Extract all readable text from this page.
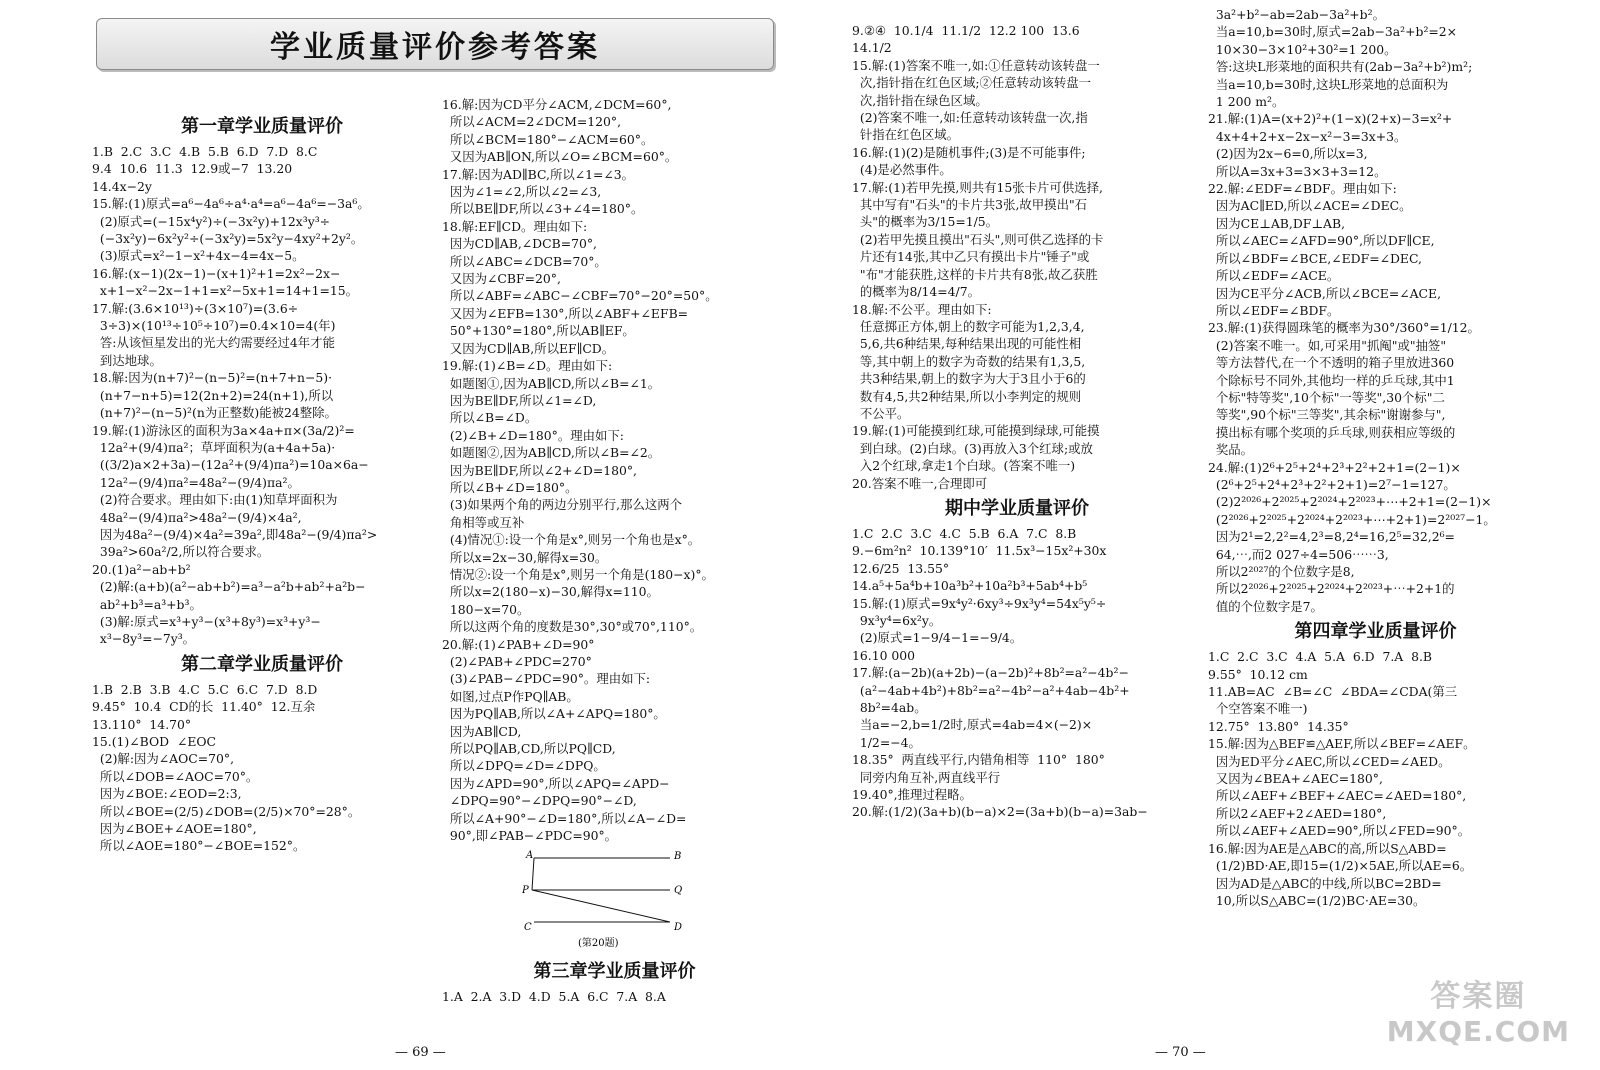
学业质量评价参考答案
第一章学业质量评价

1.B  2.C  3.C  4.B  5.B  6.D  7.D  8.C

9.4  10.6  11.3  12.9或−7  13.20

14.4x−2y

15.解:(1)原式=a⁶−4a⁶÷a⁴·a⁴=a⁶−4a⁶=−3a⁶。

(2)原式=(−15x⁴y²)÷(−3x²y)+12x³y³÷

(−3x²y)−6x²y²÷(−3x²y)=5x²y−4xy²+2y²。

(3)原式=x²−1−x²+4x−4=4x−5。

16.解:(x−1)(2x−1)−(x+1)²+1=2x²−2x−

x+1−x²−2x−1+1=x²−5x+1=14+1=15。

17.解:(3.6×10¹³)÷(3×10⁷)=(3.6÷

3÷3)×(10¹³÷10⁵÷10⁷)=0.4×10=4(年)

答:从该恒星发出的光大约需要经过4年才能

到达地球。

18.解:因为(n+7)²−(n−5)²=(n+7+n−5)·

(n+7−n+5)=12(2n+2)=24(n+1),所以

(n+7)²−(n−5)²(n为正整数)能被24整除。

19.解:(1)游泳区的面积为3a×4a+π×(3a/2)²=

12a²+(9/4)πa²；草坪面积为(a+4a+5a)·

((3/2)a×2+3a)−(12a²+(9/4)πa²)=10a×6a−

12a²−(9/4)πa²=48a²−(9/4)πa²。

(2)符合要求。理由如下:由(1)知草坪面积为

48a²−(9/4)πa²>48a²−(9/4)×4a²,

因为48a²−(9/4)×4a²=39a²,即48a²−(9/4)πa²>

39a²>60a²/2,所以符合要求。

20.(1)a²−ab+b²

(2)解:(a+b)(a²−ab+b²)=a³−a²b+ab²+a²b−

ab²+b³=a³+b³。

(3)解:原式=x³+y³−(x³+8y³)=x³+y³−

x³−8y³=−7y³。

第二章学业质量评价

1.B  2.B  3.B  4.C  5.C  6.C  7.D  8.D

9.45°  10.4  CD的长  11.40°  12.互余

13.110°  14.70°

15.(1)∠BOD  ∠EOC

(2)解:因为∠AOC=70°,

所以∠DOB=∠AOC=70°。

因为∠BOE:∠EOD=2:3,

所以∠BOE=(2/5)∠DOB=(2/5)×70°=28°。

因为∠BOE+∠AOE=180°,

所以∠AOE=180°−∠BOE=152°。

16.解:因为CD平分∠ACM,∠DCM=60°,

所以∠ACM=2∠DCM=120°,

所以∠BCM=180°−∠ACM=60°。

又因为AB∥ON,所以∠O=∠BCM=60°。

17.解:因为AD∥BC,所以∠1=∠3。

因为∠1=∠2,所以∠2=∠3,

所以BE∥DF,所以∠3+∠4=180°。

18.解:EF∥CD。理由如下:

因为CD∥AB,∠DCB=70°,

所以∠ABC=∠DCB=70°。

又因为∠CBF=20°,

所以∠ABF=∠ABC−∠CBF=70°−20°=50°。

又因为∠EFB=130°,所以∠ABF+∠EFB=

50°+130°=180°,所以AB∥EF。

又因为CD∥AB,所以EF∥CD。

19.解:(1)∠B=∠D。理由如下:

如题图①,因为AB∥CD,所以∠B=∠1。

因为BE∥DF,所以∠1=∠D,

所以∠B=∠D。

(2)∠B+∠D=180°。理由如下:

如题图②,因为AB∥CD,所以∠B=∠2。

因为BE∥DF,所以∠2+∠D=180°,

所以∠B+∠D=180°。

(3)如果两个角的两边分别平行,那么这两个

角相等或互补

(4)情况①:设一个角是x°,则另一个角也是x°。

所以x=2x−30,解得x=30。

情况②:设一个角是x°,则另一个角是(180−x)°。

所以x=2(180−x)−30,解得x=110。

180−x=70。

所以这两个角的度数是30°,30°或70°,110°。

20.解:(1)∠PAB+∠D=90°

(2)∠PAB+∠PDC=270°

(3)∠PAB−∠PDC=90°。理由如下:

如图,过点P作PQ∥AB。

因为PQ∥AB,所以∠A+∠APQ=180°。

因为AB∥CD,

所以PQ∥AB,CD,所以PQ∥CD,

所以∠DPQ=∠D=∠DPQ。

因为∠APD=90°,所以∠APQ=∠APD−

∠DPQ=90°−∠DPQ=90°−∠D,

所以∠A+90°−∠D=180°,所以∠A−∠D=

90°,即∠PAB−∠PDC=90°。

A	B
P	Q
C	D
(第20题)
第三章学业质量评价

1.A  2.A  3.D  4.D  5.A  6.C  7.A  8.A

9.②④  10.1/4  11.1/2  12.2 100  13.6

14.1/2

15.解:(1)答案不唯一,如:①任意转动该转盘一

次,指针指在红色区域;②任意转动该转盘一

次,指针指在绿色区域。

(2)答案不唯一,如:任意转动该转盘一次,指

针指在红色区域。

16.解:(1)(2)是随机事件;(3)是不可能事件;

(4)是必然事件。

17.解:(1)若甲先摸,则共有15张卡片可供选择,

其中写有"石头"的卡片共3张,故甲摸出"石

头"的概率为3/15=1/5。

(2)若甲先摸且摸出"石头",则可供乙选择的卡

片还有14张,其中乙只有摸出卡片"锤子"或

"布"才能获胜,这样的卡片共有8张,故乙获胜

的概率为8/14=4/7。

18.解:不公平。理由如下:

任意掷正方体,朝上的数字可能为1,2,3,4,

5,6,共6种结果,每种结果出现的可能性相

等,其中朝上的数字为奇数的结果有1,3,5,

共3种结果,朝上的数字为大于3且小于6的

数有4,5,共2种结果,所以小李判定的规则

不公平。

19.解:(1)可能摸到红球,可能摸到绿球,可能摸

到白球。(2)白球。(3)再放入3个红球;或放

入2个红球,拿走1个白球。(答案不唯一)

20.答案不唯一,合理即可

期中学业质量评价

1.C  2.C  3.C  4.C  5.B  6.A  7.C  8.B

9.−6m²n²  10.139°10′  11.5x³−15x²+30x

12.6/25  13.55°

14.a⁵+5a⁴b+10a³b²+10a²b³+5ab⁴+b⁵

15.解:(1)原式=9x⁴y²·6xy³÷9x³y⁴=54x⁵y⁵÷

9x³y⁴=6x²y。

(2)原式=1−9/4−1=−9/4。

16.10 000

17.解:(a−2b)(a+2b)−(a−2b)²+8b²=a²−4b²−

(a²−4ab+4b²)+8b²=a²−4b²−a²+4ab−4b²+

8b²=4ab。

当a=−2,b=1/2时,原式=4ab=4×(−2)×

1/2=−4。

18.35°  两直线平行,内错角相等  110°  180°

同旁内角互补,两直线平行

19.40°,推理过程略。

20.解:(1/2)(3a+b)(b−a)×2=(3a+b)(b−a)=3ab−

3a²+b²−ab=2ab−3a²+b²。

当a=10,b=30时,原式=2ab−3a²+b²=2×

10×30−3×10²+30²=1 200。

答:这块L形菜地的面积共有(2ab−3a²+b²)m²;

当a=10,b=30时,这块L形菜地的总面积为

1 200 m²。

21.解:(1)A=(x+2)²+(1−x)(2+x)−3=x²+

4x+4+2+x−2x−x²−3=3x+3。

(2)因为2x−6=0,所以x=3,

所以A=3x+3=3×3+3=12。

22.解:∠EDF=∠BDF。理由如下:

因为AC∥ED,所以∠ACE=∠DEC。

因为CE⊥AB,DF⊥AB,

所以∠AEC=∠AFD=90°,所以DF∥CE,

所以∠BDF=∠BCE,∠EDF=∠DEC,

所以∠EDF=∠ACE。

因为CE平分∠ACB,所以∠BCE=∠ACE,

所以∠EDF=∠BDF。

23.解:(1)获得圆珠笔的概率为30°/360°=1/12。

(2)答案不唯一。如,可采用"抓阄"或"抽签"

等方法替代,在一个不透明的箱子里放进360

个除标号不同外,其他均一样的乒乓球,其中1

个标"特等奖",10个标"一等奖",30个标"二

等奖",90个标"三等奖",其余标"谢谢参与",

摸出标有哪个奖项的乒乓球,则获相应等级的

奖品。

24.解:(1)2⁶+2⁵+2⁴+2³+2²+2+1=(2−1)×

(2⁶+2⁵+2⁴+2³+2²+2+1)=2⁷−1=127。

(2)2²⁰²⁶+2²⁰²⁵+2²⁰²⁴+2²⁰²³+⋯+2+1=(2−1)×

(2²⁰²⁶+2²⁰²⁵+2²⁰²⁴+2²⁰²³+⋯+2+1)=2²⁰²⁷−1。

因为2¹=2,2²=4,2³=8,2⁴=16,2⁵=32,2⁶=

64,⋯,而2 027÷4=506⋯⋯3,

所以2²⁰²⁷的个位数字是8,

所以2²⁰²⁶+2²⁰²⁵+2²⁰²⁴+2²⁰²³+⋯+2+1的

值的个位数字是7。

第四章学业质量评价

1.C  2.C  3.C  4.A  5.A  6.D  7.A  8.B

9.55°  10.12 cm

11.AB=AC  ∠B=∠C  ∠BDA=∠CDA(第三

个空答案不唯一)

12.75°  13.80°  14.35°

15.解:因为△BEF≌△AEF,所以∠BEF=∠AEF。

因为ED平分∠AEC,所以∠CED=∠AED。

又因为∠BEA+∠AEC=180°,

所以∠AEF+∠BEF+∠AEC=∠AED=180°,

所以2∠AEF+2∠AED=180°,

所以∠AEF+∠AED=90°,所以∠FED=90°。

16.解:因为AE是△ABC的高,所以S△ABD=

(1/2)BD·AE,即15=(1/2)×5AE,所以AE=6。

因为AD是△ABC的中线,所以BC=2BD=

10,所以S△ABC=(1/2)BC·AE=30。

— 69 —	— 70 —
答案圈
MXQE.COM
